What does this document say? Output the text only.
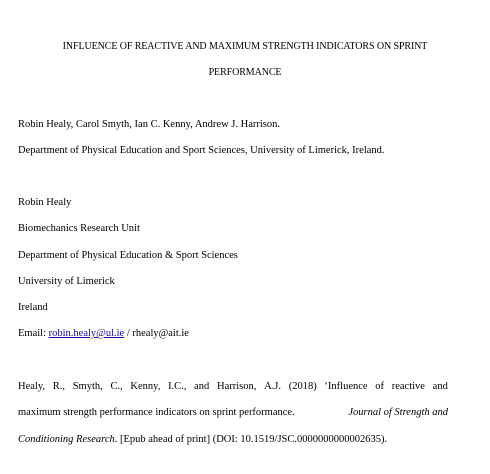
INFLUENCE OF REACTIVE AND MAXIMUM STRENGTH INDICATORS ON SPRINT
PERFORMANCE
Robin Healy, Carol Smyth, Ian C. Kenny, Andrew J. Harrison.
Department of Physical Education and Sport Sciences, University of Limerick, Ireland.
Robin Healy
Biomechanics Research Unit
Department of Physical Education & Sport Sciences
University of Limerick
Ireland
Email: robin.healy@ul.ie / rhealy@ait.ie
Healy, R., Smyth, C., Kenny, I.C., and Harrison, A.J. (2018) ‘Influence of reactive and
maximum strength performance indicators on sprint performance.	Journal of Strength and
Conditioning Research. [Epub ahead of print] (DOI: 10.1519/JSC.0000000000002635).
